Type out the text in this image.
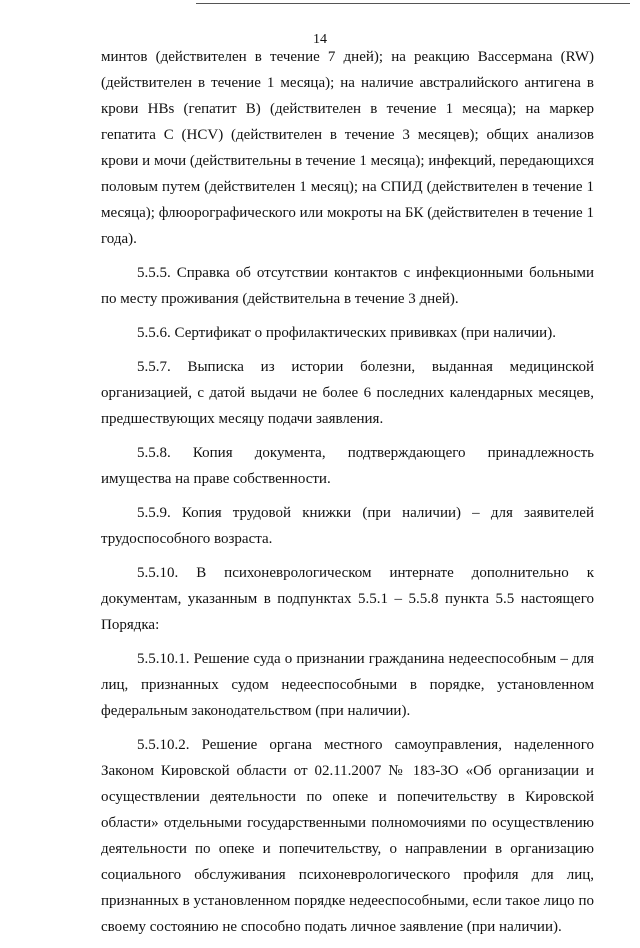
14

минтов (действителен в течение 7 дней); на реакцию Вассермана (RW) (действителен в течение 1 месяца); на наличие австралийского антигена в крови HBs (гепатит В) (действителен в течение 1 месяца); на маркер гепатита С (HCV) (действителен в течение 3 месяцев); общих анализов крови и мочи (действительны в течение 1 месяца); инфекций, передающихся половым путем (действителен 1 месяц); на СПИД (действителен в течение 1 месяца); флюорографического или мокроты на БК (действителен в течение 1 года).

5.5.5. Справка об отсутствии контактов с инфекционными больными по месту проживания (действительна в течение 3 дней).

5.5.6. Сертификат о профилактических прививках (при наличии).

5.5.7. Выписка из истории болезни, выданная медицинской организацией, с датой выдачи не более 6 последних календарных месяцев, предшествующих месяцу подачи заявления.

5.5.8. Копия документа, подтверждающего принадлежность имущества на праве собственности.

5.5.9. Копия трудовой книжки (при наличии) – для заявителей трудоспособного возраста.

5.5.10. В психоневрологическом интернате дополнительно к документам, указанным в подпунктах 5.5.1 – 5.5.8 пункта 5.5 настоящего Порядка:

5.5.10.1. Решение суда о признании гражданина недееспособным – для лиц, признанных судом недееспособными в порядке, установленном федеральным законодательством (при наличии).

5.5.10.2. Решение органа местного самоуправления, наделенного Законом Кировской области от 02.11.2007 № 183-ЗО «Об организации и осуществлении деятельности по опеке и попечительству в Кировской области» отдельными государственными полномочиями по осуществлению деятельности по опеке и попечительству, о направлении в организацию социального обслуживания психоневрологического профиля для лиц, признанных в установленном порядке недееспособными, если такое лицо по своему состоянию не способно подать личное заявление (при наличии).
